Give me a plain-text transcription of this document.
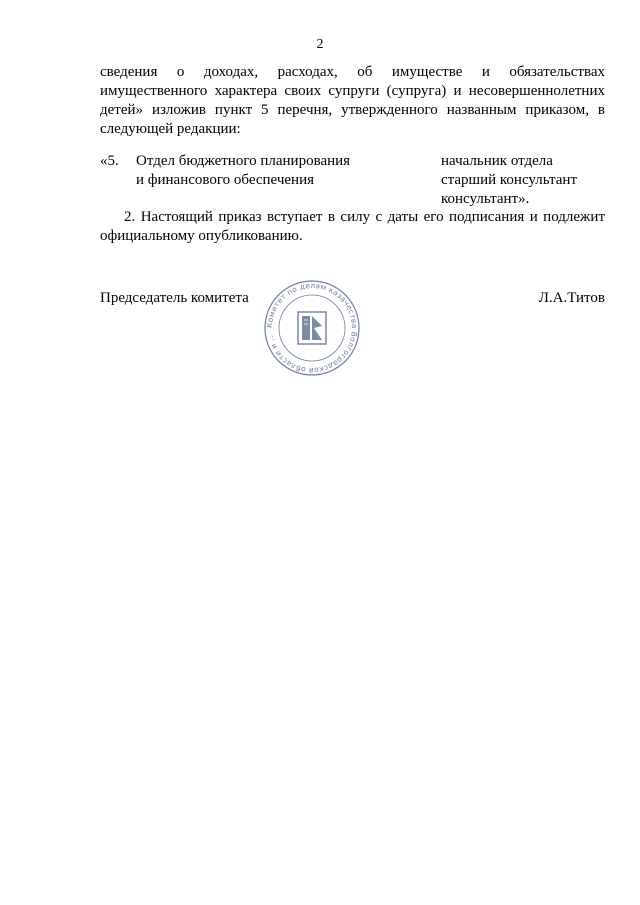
2
сведения о доходах, расходах, об имуществе и обязательствах
имущественного характера своих супруги (супруга) и несовершеннолетних
детей» изложив пункт 5 перечня, утвержденного названным приказом, в
следующей редакции:
«5. Отдел бюджетного планирования
и финансового обеспечения
начальник отдела
старший консультант
консультант».
2. Настоящий приказ вступает в силу с даты его подписания и подлежит
официальному опубликованию.
Председатель комитета
Комитет по делам казачества Волгоградской области и ...
Л.А.Титов
